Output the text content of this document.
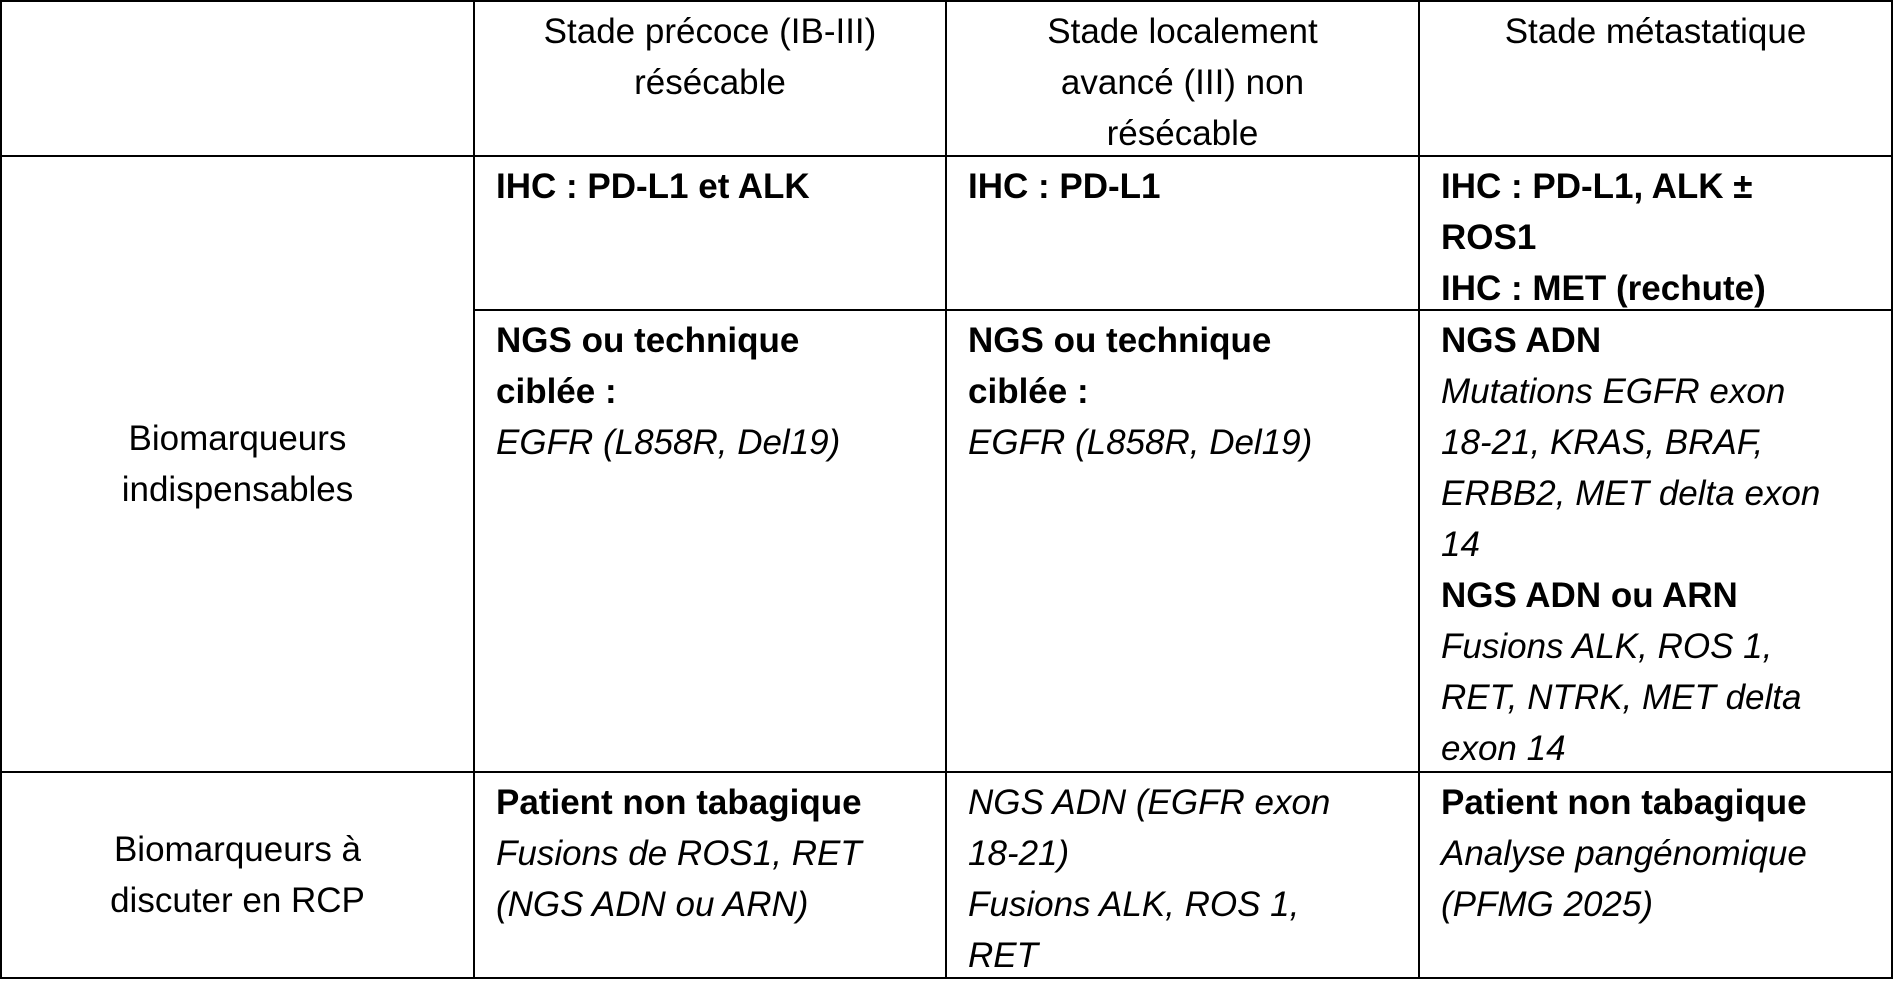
Stade précoce (IB-III)
résécable
Stade localement
avancé (III) non
résécable
Stade métastatique
Biomarqueurs
indispensables
IHC : PD-L1 et ALK	IHC : PD-L1	IHC : PD-L1, ALK ±
ROS1
IHC : MET (rechute)
NGS ou technique
ciblée :
EGFR (L858R, Del19)
NGS ou technique
ciblée :
EGFR (L858R, Del19)
NGS ADN
Mutations EGFR exon
18-21, KRAS, BRAF,
ERBB2, MET delta exon
14
NGS ADN ou ARN
Fusions ALK, ROS 1,
RET, NTRK, MET delta
exon 14
Biomarqueurs à
discuter en RCP
Patient non tabagique
Fusions de ROS1, RET
(NGS ADN ou ARN)
NGS ADN (EGFR exon
18-21)
Fusions ALK, ROS 1,
RET
Patient non tabagique
Analyse pangénomique
(PFMG 2025)
